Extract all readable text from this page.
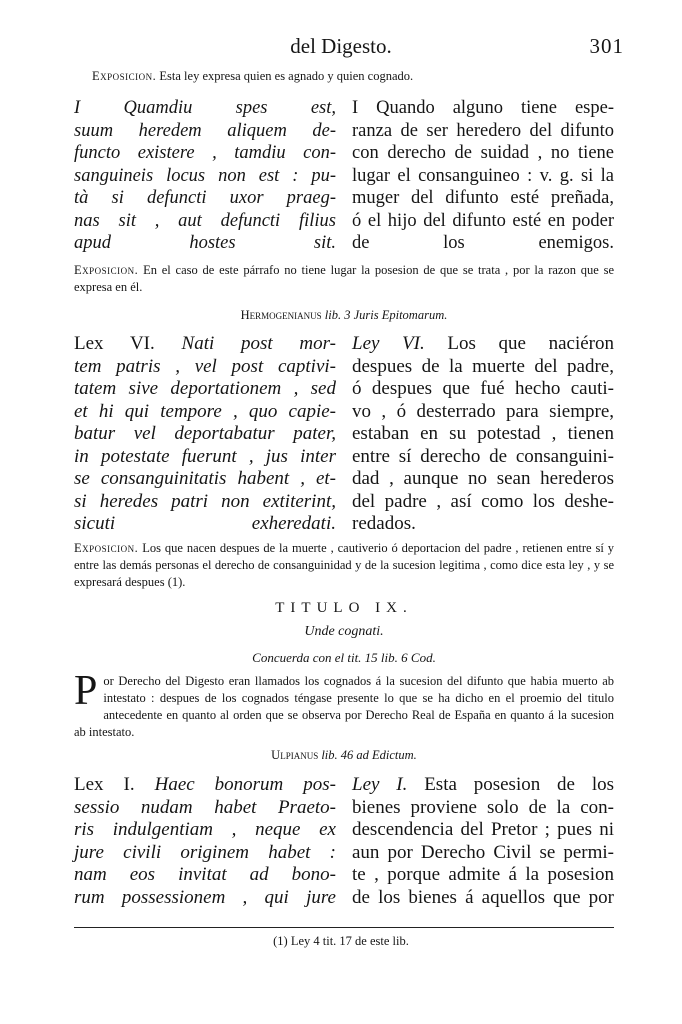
del Digesto.	301
Exposicion. Esta ley expresa quien es agnado y quien cognado.
I Quamdiu spes est,
suum heredem aliquem de-
functo existere , tamdiu con-
sanguineis locus non est : pu-
tà si defuncti uxor praeg-
nas sit , aut defuncti filius
apud hostes sit.
I Quando alguno tiene espe-
ranza de ser heredero del difunto
con derecho de suidad , no tiene
lugar el consanguineo : v. g. si la
muger del difunto esté preñada,
ó el hijo del difunto esté en poder
de los enemigos.
Exposicion. En el caso de este párrafo no tiene lugar la posesion de que se trata , por la razon que se expresa en él.
Hermogenianus lib. 3 Juris Epitomarum.
Lex VI. Nati post mor-
tem patris , vel post captivi-
tatem sive deportationem , sed
et hi qui tempore , quo capie-
batur vel deportabatur pater,
in potestate fuerunt , jus inter
se consanguinitatis habent , et-
si heredes patri non extiterint,
sicuti exheredati.
Ley VI. Los que naciéron
despues de la muerte del padre,
ó despues que fué hecho cauti-
vo , ó desterrado para siempre,
estaban en su potestad , tienen
entre sí derecho de consanguini-
dad , aunque no sean herederos
del padre , así como los deshe-
redados.
Exposicion. Los que nacen despues de la muerte , cautiverio ó deportacion del padre , retienen entre sí y entre las demás personas el derecho de consanguinidad y de la sucesion legitima , como dice esta ley , y se expresará despues (1).
TITULO IX.
Unde cognati.
Concuerda con el tit. 15 lib. 6 Cod.
P or Derecho del Digesto eran llamados los cognados á la sucesion del difunto que habia muerto ab intestato : despues de los cognados téngase presente lo que se ha dicho en el proemio del titulo antecedente en quanto al orden que se observa por Derecho Real de España en quanto á la sucesion ab intestato.
Ulpianus lib. 46 ad Edictum.
Lex I. Haec bonorum pos-
sessio nudam habet Praeto-
ris indulgentiam , neque ex
jure civili originem habet :
nam eos invitat ad bono-
rum possessionem , qui jure
Ley I. Esta posesion de los
bienes proviene solo de la con-
descendencia del Pretor ; pues ni
aun por Derecho Civil se permi-
te , porque admite á la posesion
de los bienes á aquellos que por
(1) Ley 4 tit. 17 de este lib.
